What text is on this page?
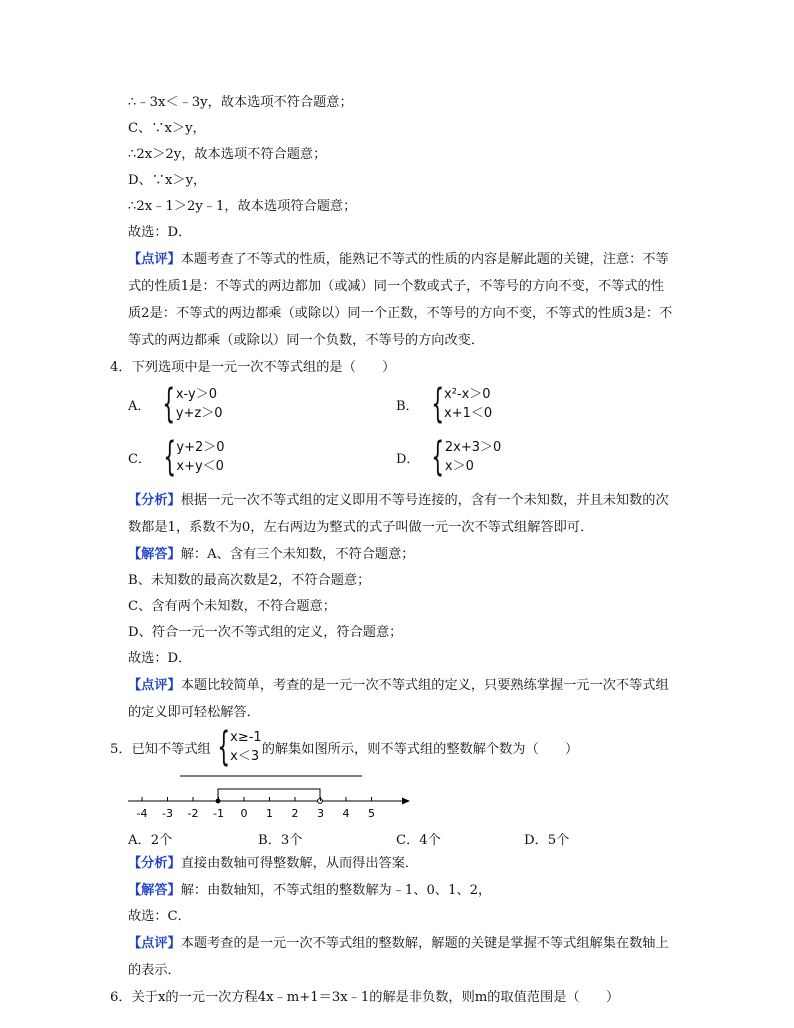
∴﹣3x＜﹣3y，故本选项不符合题意；
C、∵x＞y，
∴2x＞2y，故本选项不符合题意；
D、∵x＞y，
∴2x﹣1＞2y﹣1，故本选项符合题意；
故选：D．
【点评】本题考查了不等式的性质，能熟记不等式的性质的内容是解此题的关键，注意：不等
式的性质1是：不等式的两边都加（或减）同一个数或式子，不等号的方向不变，不等式的性
质2是：不等式的两边都乘（或除以）同一个正数，不等号的方向不变，不等式的性质3是：不
等式的两边都乘（或除以）同一个负数，不等号的方向改变．
4．下列选项中是一元一次不等式组的是（　　）
A． { x-y＞0
y+z＞0	B． { x²-x＞0
x+1＜0
C． { y+2＞0
x+y＜0	D． { 2x+3＞0
x＞0
【分析】根据一元一次不等式组的定义即用不等号连接的，含有一个未知数，并且未知数的次
数都是1，系数不为0，左右两边为整式的式子叫做一元一次不等式组解答即可．
【解答】解：A、含有三个未知数，不符合题意；
B、未知数的最高次数是2，不符合题意；
C、含有两个未知数，不符合题意；
D、符合一元一次不等式组的定义，符合题意；
故选：D．
【点评】本题比较简单，考查的是一元一次不等式组的定义，只要熟练掌握一元一次不等式组
的定义即可轻松解答．
5．已知不等式组 { x≥-1
x＜3 的解集如图所示，则不等式组的整数解个数为（　　）
-4 -3 -2 -1 0 1 2 3 4 5
A．2个	B．3个	C．4个	D．5个
【分析】直接由数轴可得整数解，从而得出答案．
【解答】解：由数轴知，不等式组的整数解为﹣1、0、1、2，
故选：C．
【点评】本题考查的是一元一次不等式组的整数解，解题的关键是掌握不等式组解集在数轴上
的表示．
6．关于x的一元一次方程4x﹣m+1＝3x﹣1的解是非负数，则m的取值范围是（　　）
